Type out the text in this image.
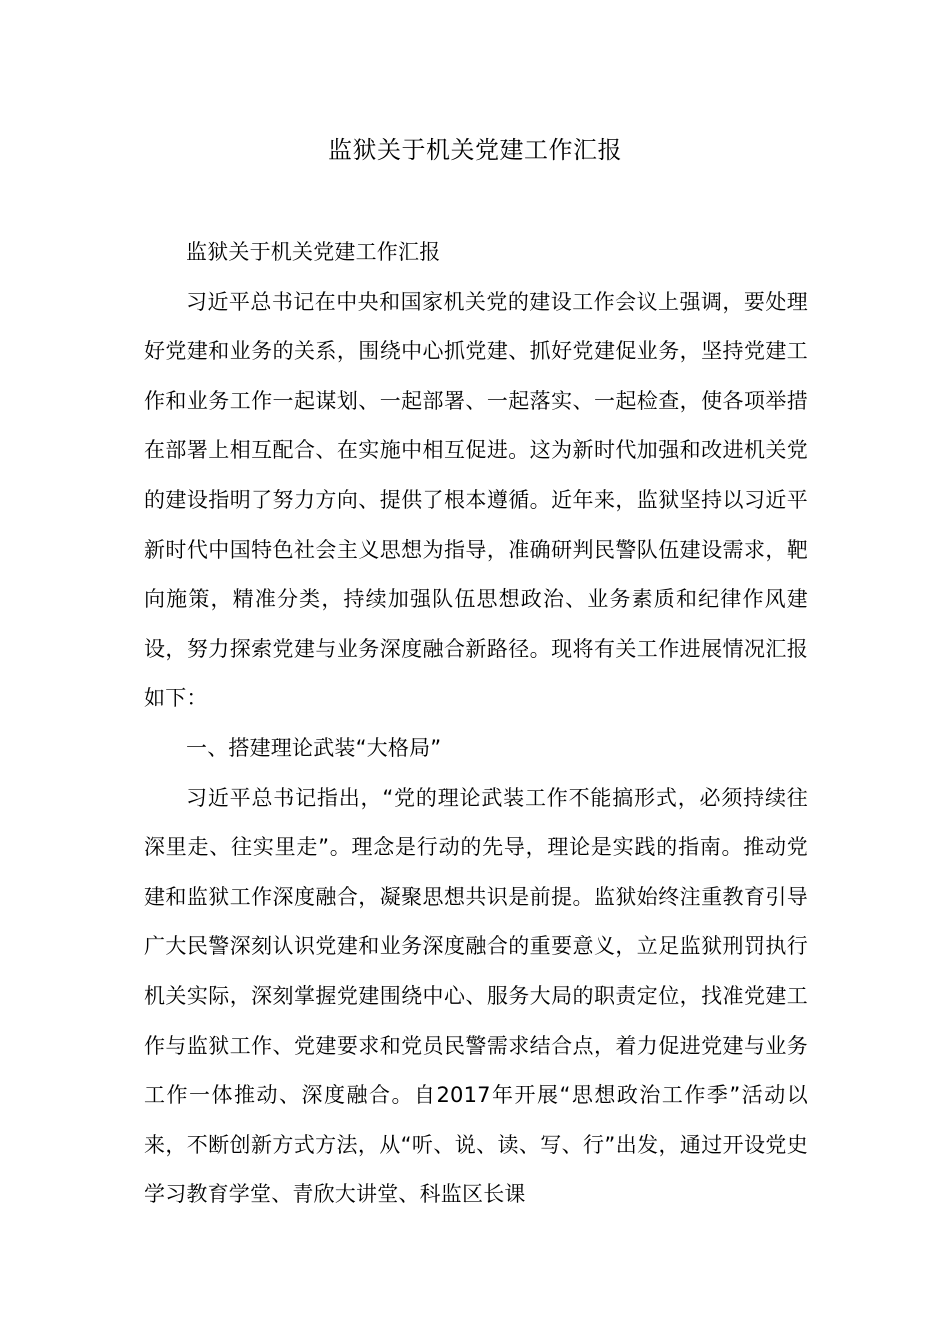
监狱关于机关党建工作汇报

监狱关于机关党建工作汇报

习近平总书记在中央和国家机关党的建设工作会议上强调，要处理好党建和业务的关系，围绕中心抓党建、抓好党建促业务，坚持党建工作和业务工作一起谋划、一起部署、一起落实、一起检查，使各项举措在部署上相互配合、在实施中相互促进。这为新时代加强和改进机关党的建设指明了努力方向、提供了根本遵循。近年来，监狱坚持以习近平新时代中国特色社会主义思想为指导，准确研判民警队伍建设需求，靶向施策，精准分类，持续加强队伍思想政治、业务素质和纪律作风建设，努力探索党建与业务深度融合新路径。现将有关工作进展情况汇报如下：

一、搭建理论武装“大格局”

习近平总书记指出，“党的理论武装工作不能搞形式，必须持续往深里走、往实里走”。理念是行动的先导，理论是实践的指南。推动党建和监狱工作深度融合，凝聚思想共识是前提。监狱始终注重教育引导广大民警深刻认识党建和业务深度融合的重要意义，立足监狱刑罚执行机关实际，深刻掌握党建围绕中心、服务大局的职责定位，找准党建工作与监狱工作、党建要求和党员民警需求结合点，着力促进党建与业务工作一体推动、深度融合。自2017年开展“思想政治工作季”活动以来，不断创新方式方法，从“听、说、读、写、行”出发，通过开设党史学习教育学堂、青欣大讲堂、科监区长课
